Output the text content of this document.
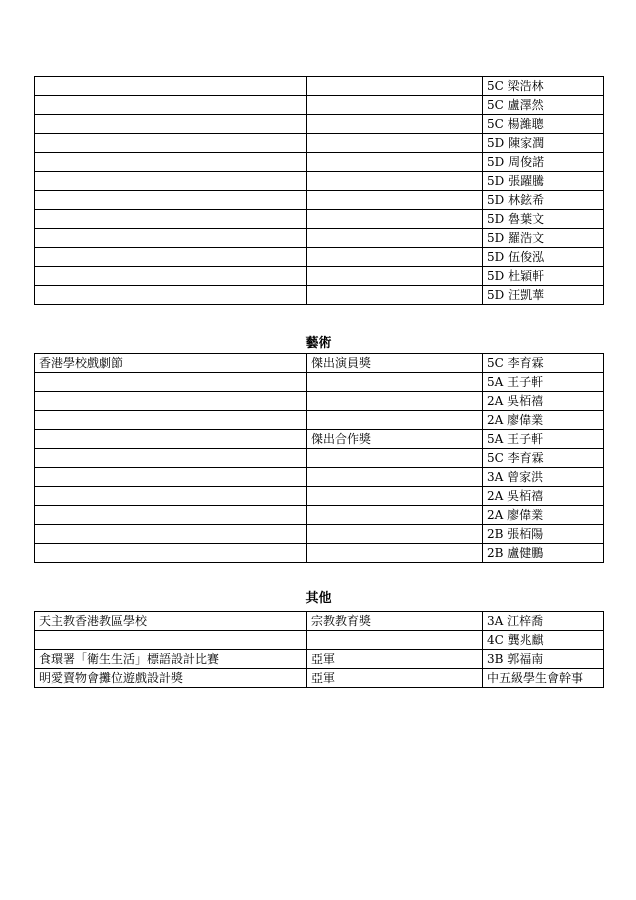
		5C 梁浩林
		5C 盧澤然
		5C 楊濰聰
		5D 陳家潤
		5D 周俊諾
		5D 張躍騰
		5D 林鉉希
		5D 魯葉文
		5D 羅浩文
		5D 伍俊泓
		5D 杜穎軒
		5D 汪凱華
藝術
香港學校戲劇節	傑出演員獎	5C 李育霖
		5A 王子軒
		2A 吳栢禧
		2A 廖偉業
	傑出合作獎	5A 王子軒
		5C 李育霖
		3A 曾家洪
		2A 吳栢禧
		2A 廖偉業
		2B 張栢陽
		2B 盧健鵬
其他
天主教香港教區學校	宗教教育獎	3A 江梓喬
		4C 龔兆麒
食環署「衛生生活」標語設計比賽	亞軍	3B 郭福南
明愛賣物會攤位遊戲設計獎	亞軍	中五級學生會幹事
